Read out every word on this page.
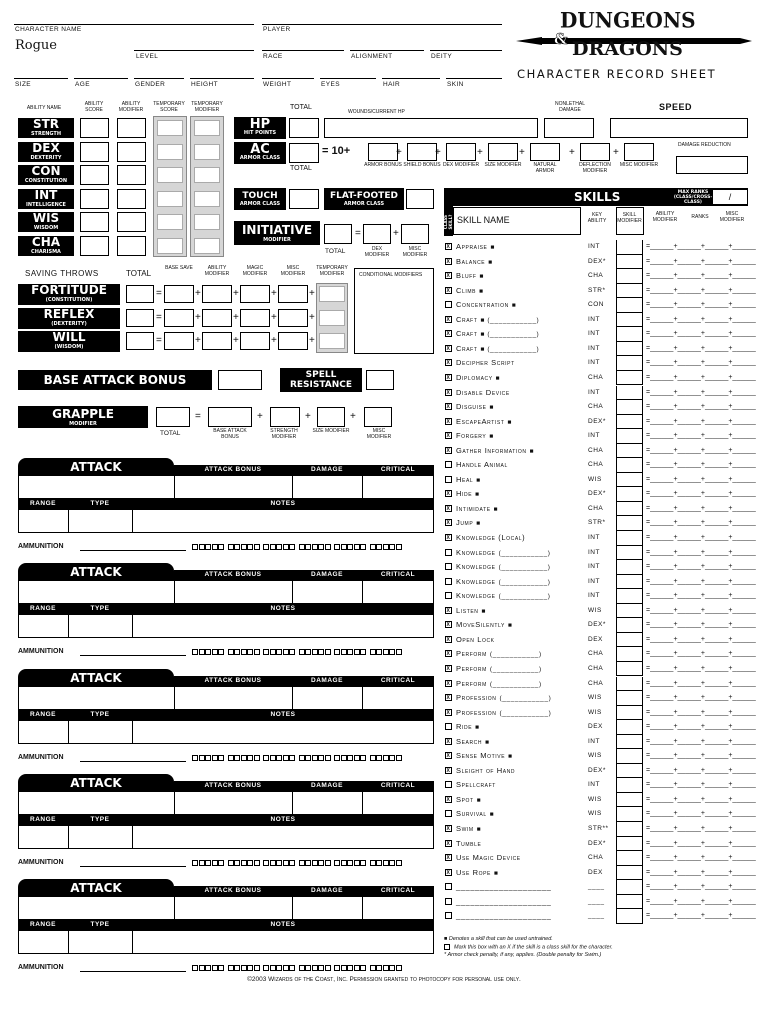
CHARACTER NAME	PLAYER
Rogue
LEVEL	RACE	ALIGNMENT	DEITY
SIZE	AGE	GENDER	HEIGHT	WEIGHT	EYES	HAIR	SKIN
DUNGEONS
& DRAGONS
CHARACTER RECORD SHEET
ABILITY NAME
ABILITY SCORE
ABILITY MODIFIER
TEMPORARY SCORE
TEMPORARY MODIFIER
STR
STRENGTH
DEX
DEXTERITY
CON
CONSTITUTION
INT
INTELLIGENCE
WIS
WISDOM
CHA
CHARISMA
TOTAL
HP
HIT POINTS
WOUNDS/CURRENT HP
NONLETHAL DAMAGE	SPEED
AC
ARMOR CLASS
TOTAL
= 10+
ARMOR BONUS
+
SHIELD BONUS
+
DEX MODIFIER
+
SIZE MODIFIER
+
NATURAL ARMOR
+
DEFLECTION MODIFIER
+
MISC MODIFIER
DAMAGE REDUCTION
TOUCH
ARMOR CLASS
FLAT-FOOTED
ARMOR CLASS
INITIATIVE
MODIFIER
=	+
TOTAL	DEX MODIFIER
MISC MODIFIER
SAVING THROWS	TOTAL
BASE SAVE	ABILITY MODIFIER
MAGIC MODIFIER
MISC MODIFIER
TEMPORARY MODIFIER	CONDITIONAL MODIFIERS
FORTITUDE
(CONSTITUTION)
=	+	+	+	+
REFLEX
(DEXTERITY)
=	+	+	+	+
WILL
(WISDOM)
=	+	+	+	+
BASE ATTACK BONUS	SPELL
RESISTANCE
GRAPPLE
MODIFIER
=	+	+	+
TOTAL	BASE ATTACK BONUS
STRENGTH MODIFIER
SIZE MODIFIER	MISC MODIFIER
ATTACK	ATTACK BONUS	DAMAGE	CRITICAL
RANGE	TYPE	NOTES
AMMUNITION
ATTACK	ATTACK BONUS	DAMAGE	CRITICAL
RANGE	TYPE	NOTES
AMMUNITION
ATTACK	ATTACK BONUS	DAMAGE	CRITICAL
RANGE	TYPE	NOTES
AMMUNITION
ATTACK	ATTACK BONUS	DAMAGE	CRITICAL
RANGE	TYPE	NOTES
AMMUNITION
ATTACK	ATTACK BONUS	DAMAGE	CRITICAL
RANGE	TYPE	NOTES
AMMUNITION
SKILLS	MAX RANKS (CLASS/CROSS-CLASS)
/
CLASS SKILL? SKILL NAME	KEY ABILITY
SKILL MODIFIER
ABILITY MODIFIER	RANKS	MISC MODIFIER
x Appraise ■	INT	=______+______+______+______
x Balance ■	DEX*	=______+______+______+______
x Bluff ■	CHA	=______+______+______+______
x Climb ■	STR*	=______+______+______+______
Concentration ■	CON	=______+______+______+______
x Craft ■ (___________)	INT	=______+______+______+______
x Craft ■ (___________)	INT	=______+______+______+______
x Craft ■ (___________)	INT	=______+______+______+______
x Decipher Script	INT	=______+______+______+______
x Diplomacy ■	CHA	=______+______+______+______
x Disable Device	INT	=______+______+______+______
x Disguise ■	CHA	=______+______+______+______
x EscapeArtist ■	DEX*	=______+______+______+______
x Forgery ■	INT	=______+______+______+______
x Gather Information ■	CHA	=______+______+______+______
Handle Animal	CHA	=______+______+______+______
Heal ■	WIS	=______+______+______+______
x Hide ■	DEX*	=______+______+______+______
x Intimidate ■	CHA	=______+______+______+______
x Jump ■	STR*	=______+______+______+______
x Knowledge (Local)	INT	=______+______+______+______
Knowledge (___________)	INT	=______+______+______+______
Knowledge (___________)	INT	=______+______+______+______
Knowledge (___________)	INT	=______+______+______+______
Knowledge (___________)	INT	=______+______+______+______
x Listen ■	WIS	=______+______+______+______
x MoveSilently ■	DEX*	=______+______+______+______
x Open Lock	DEX	=______+______+______+______
x Perform (___________)	CHA	=______+______+______+______
x Perform (___________)	CHA	=______+______+______+______
x Perform (___________)	CHA	=______+______+______+______
x Profession (___________)	WIS	=______+______+______+______
x Profession (___________)	WIS	=______+______+______+______
Ride ■	DEX	=______+______+______+______
x Search ■	INT	=______+______+______+______
x Sense Motive ■	WIS	=______+______+______+______
x Sleight of Hand	DEX*	=______+______+______+______
Spellcraft	INT	=______+______+______+______
x Spot ■	WIS	=______+______+______+______
Survival ■	WIS	=______+______+______+______
x Swim ■	STR**	=______+______+______+______
x Tumble	DEX*	=______+______+______+______
x Use Magic Device	CHA	=______+______+______+______
x Use Rope ■	DEX	=______+______+______+______
____________________	____	=______+______+______+______
____________________	____	=______+______+______+______
____________________	____	=______+______+______+______
■ Denotes a skill that can be used untrained.
Mark this box with an X if the skill is a class skill for the character.
* Armor check penalty, if any, applies. (Double penalty for Swim.)
©2003 Wizards of the Coast, Inc. Permission granted to photocopy for personal use only.
